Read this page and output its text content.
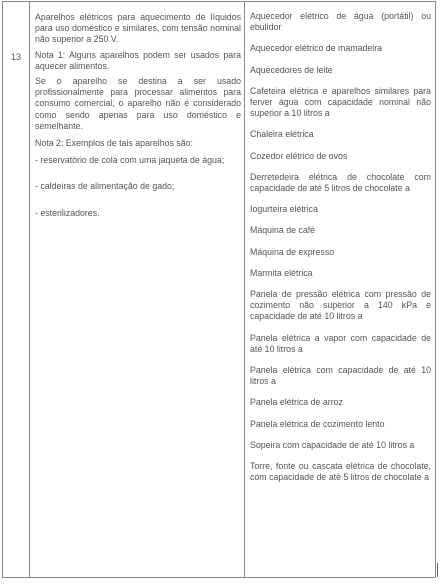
13

Aparelhos elétricos para aquecimento de líquidos para uso doméstico e similares, com tensão nominal não superior a 250 V.

Nota 1: Alguns aparelhos podem ser usados para aquecer alimentos.

Se o aparelho se destina a ser usado profissionalmente para processar alimentos para consumo comercial, o aparelho não é considerado como sendo apenas para uso doméstico e semelhante.

Nota 2: Exemplos de tais aparelhos são:

- reservatório de cola com uma jaqueta de água;

- caldeiras de alimentação de gado;

- esterilizadores.

Aquecedor elétrico de água (portátil) ou ebulidor
Aquecedor elétrico de mamadeira
Aquecedores de leite
Cafeteira elétrica e aparelhos similares para ferver água com capacidade nominal não superior a 10 litros a
Chaleira elétrica
Cozedor elétrico de ovos
Derretedeira elétrica de chocolate com capacidade de até 5 litros de chocolate a
Iogurteira elétrica
Máquina de café
Máquina de expresso
Marmita elétrica
Panela de pressão elétrica com pressão de cozimento não superior a 140 kPa e capacidade de até 10 litros a
Panela elétrica a vapor com capacidade de até 10 litros a
Panela elétrica com capacidade de até 10 litros a
Panela elétrica de arroz
Panela elétrica de cozimento lento
Sopeira com capacidade de até 10 litros a
Torre, fonte ou cascata elétrica de chocolate, com capacidade de até 5 litros de chocolate a
